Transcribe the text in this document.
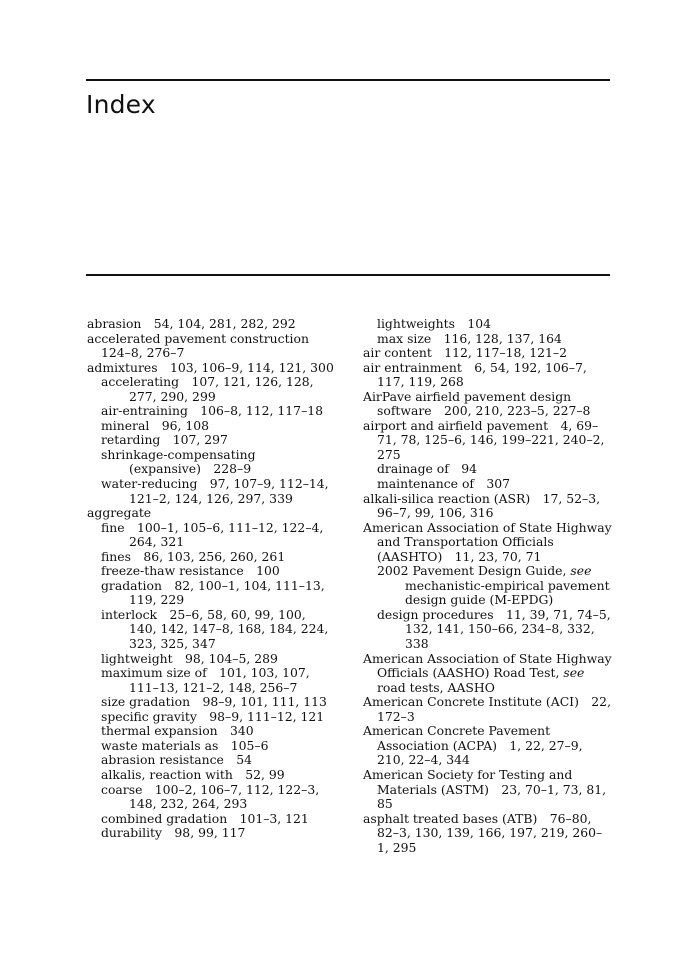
Index

abrasion  54, 104, 281, 282, 292

accelerated pavement construction 124–8, 276–7

admixtures  103, 106–9, 114, 121, 300

accelerating  107, 121, 126, 128, 277, 290, 299

air-entraining  106–8, 112, 117–18

mineral  96, 108

retarding  107, 297

shrinkage-compensating (expansive)  228–9

water-reducing  97, 107–9, 112–14, 121–2, 124, 126, 297, 339

aggregate

fine  100–1, 105–6, 111–12, 122–4, 264, 321

fines  86, 103, 256, 260, 261

freeze-thaw resistance  100

gradation  82, 100–1, 104, 111–13, 119, 229

interlock  25–6, 58, 60, 99, 100, 140, 142, 147–8, 168, 184, 224, 323, 325, 347

lightweight  98, 104–5, 289

maximum size of  101, 103, 107, 111–13, 121–2, 148, 256–7

size gradation  98–9, 101, 111, 113

specific gravity  98–9, 111–12, 121

thermal expansion  340

waste materials as  105–6

abrasion resistance  54

alkalis, reaction with  52, 99

coarse  100–2, 106–7, 112, 122–3, 148, 232, 264, 293

combined gradation  101–3, 121

durability  98, 99, 117

lightweights  104

max size  116, 128, 137, 164

air content  112, 117–18, 121–2

air entrainment  6, 54, 192, 106–7, 117, 119, 268

AirPave airfield pavement design software  200, 210, 223–5, 227–8

airport and airfield pavement  4, 69–71, 78, 125–6, 146, 199–221, 240–2, 275

drainage of  94

maintenance of  307

alkali-silica reaction (ASR)  17, 52–3, 96–7, 99, 106, 316

American Association of State Highway and Transportation Officials (AASHTO)  11, 23, 70, 71

2002 Pavement Design Guide, see mechanistic-empirical pavement design guide (M-EPDG)

design procedures  11, 39, 71, 74–5, 132, 141, 150–66, 234–8, 332, 338

American Association of State Highway Officials (AASHO) Road Test, see road tests, AASHO

American Concrete Institute (ACI)  22, 172–3

American Concrete Pavement Association (ACPA)  1, 22, 27–9, 210, 22–4, 344

American Society for Testing and Materials (ASTM)  23, 70–1, 73, 81, 85

asphalt treated bases (ATB)  76–80, 82–3, 130, 139, 166, 197, 219, 260–1, 295
